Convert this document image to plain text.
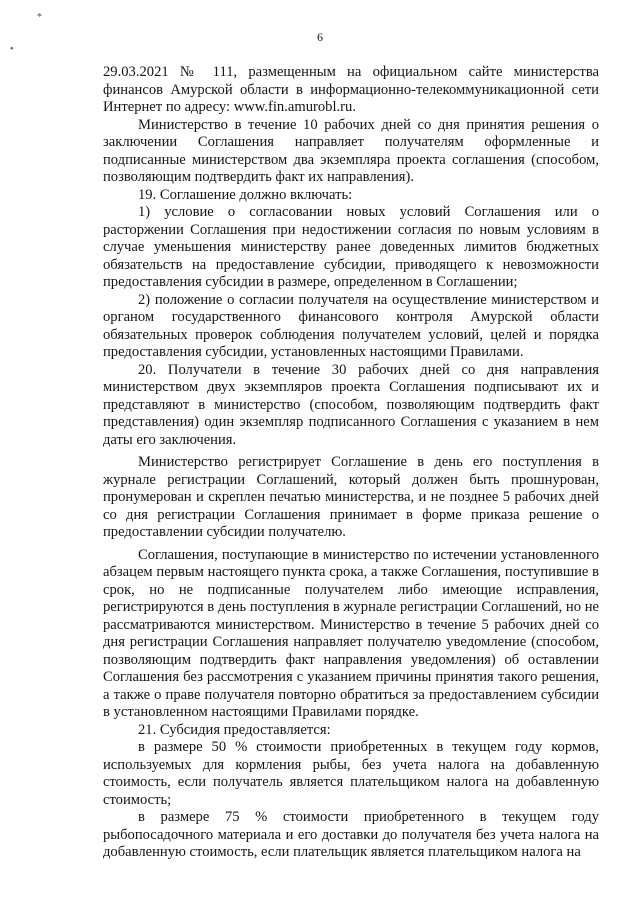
*
•
6

29.03.2021 № 111, размещенным на официальном сайте министерства финансов Амурской области в информационно-телекоммуникационной сети Интернет по адресу: www.fin.amurobl.ru.

Министерство в течение 10 рабочих дней со дня принятия решения о заключении Соглашения направляет получателям оформленные и подписанные министерством два экземпляра проекта соглашения (способом, позволяющим подтвердить факт их направления).

19. Соглашение должно включать:

1) условие о согласовании новых условий Соглашения или о расторжении Соглашения при недостижении согласия по новым условиям в случае уменьшения министерству ранее доведенных лимитов бюджетных обязательств на предоставление субсидии, приводящего к невозможности предоставления субсидии в размере, определенном в Соглашении;

2) положение о согласии получателя на осуществление министерством и органом государственного финансового контроля Амурской области обязательных проверок соблюдения получателем условий, целей и порядка предоставления субсидии, установленных настоящими Правилами.

20. Получатели в течение 30 рабочих дней со дня направления министерством двух экземпляров проекта Соглашения подписывают их и представляют в министерство (способом, позволяющим подтвердить факт представления) один экземпляр подписанного Соглашения с указанием в нем даты его заключения.

Министерство регистрирует Соглашение в день его поступления в журнале регистрации Соглашений, который должен быть прошнурован, пронумерован и скреплен печатью министерства, и не позднее 5 рабочих дней со дня регистрации Соглашения принимает в форме приказа решение о предоставлении субсидии получателю.

Соглашения, поступающие в министерство по истечении установленного абзацем первым настоящего пункта срока, а также Соглашения, поступившие в срок, но не подписанные получателем либо имеющие исправления, регистрируются в день поступления в журнале регистрации Соглашений, но не рассматриваются министерством. Министерство в течение 5 рабочих дней со дня регистрации Соглашения направляет получателю уведомление (способом, позволяющим подтвердить факт направления уведомления) об оставлении Соглашения без рассмотрения с указанием причины принятия такого решения, а также о праве получателя повторно обратиться за предоставлением субсидии в установленном настоящими Правилами порядке.

21. Субсидия предоставляется:

в размере 50 % стоимости приобретенных в текущем году кормов, используемых для кормления рыбы, без учета налога на добавленную стоимость, если получатель является плательщиком налога на добавленную стоимость;

в размере 75 % стоимости приобретенного в текущем году рыбопосадочного материала и его доставки до получателя без учета налога на добавленную стоимость, если плательщик является плательщиком налога на
